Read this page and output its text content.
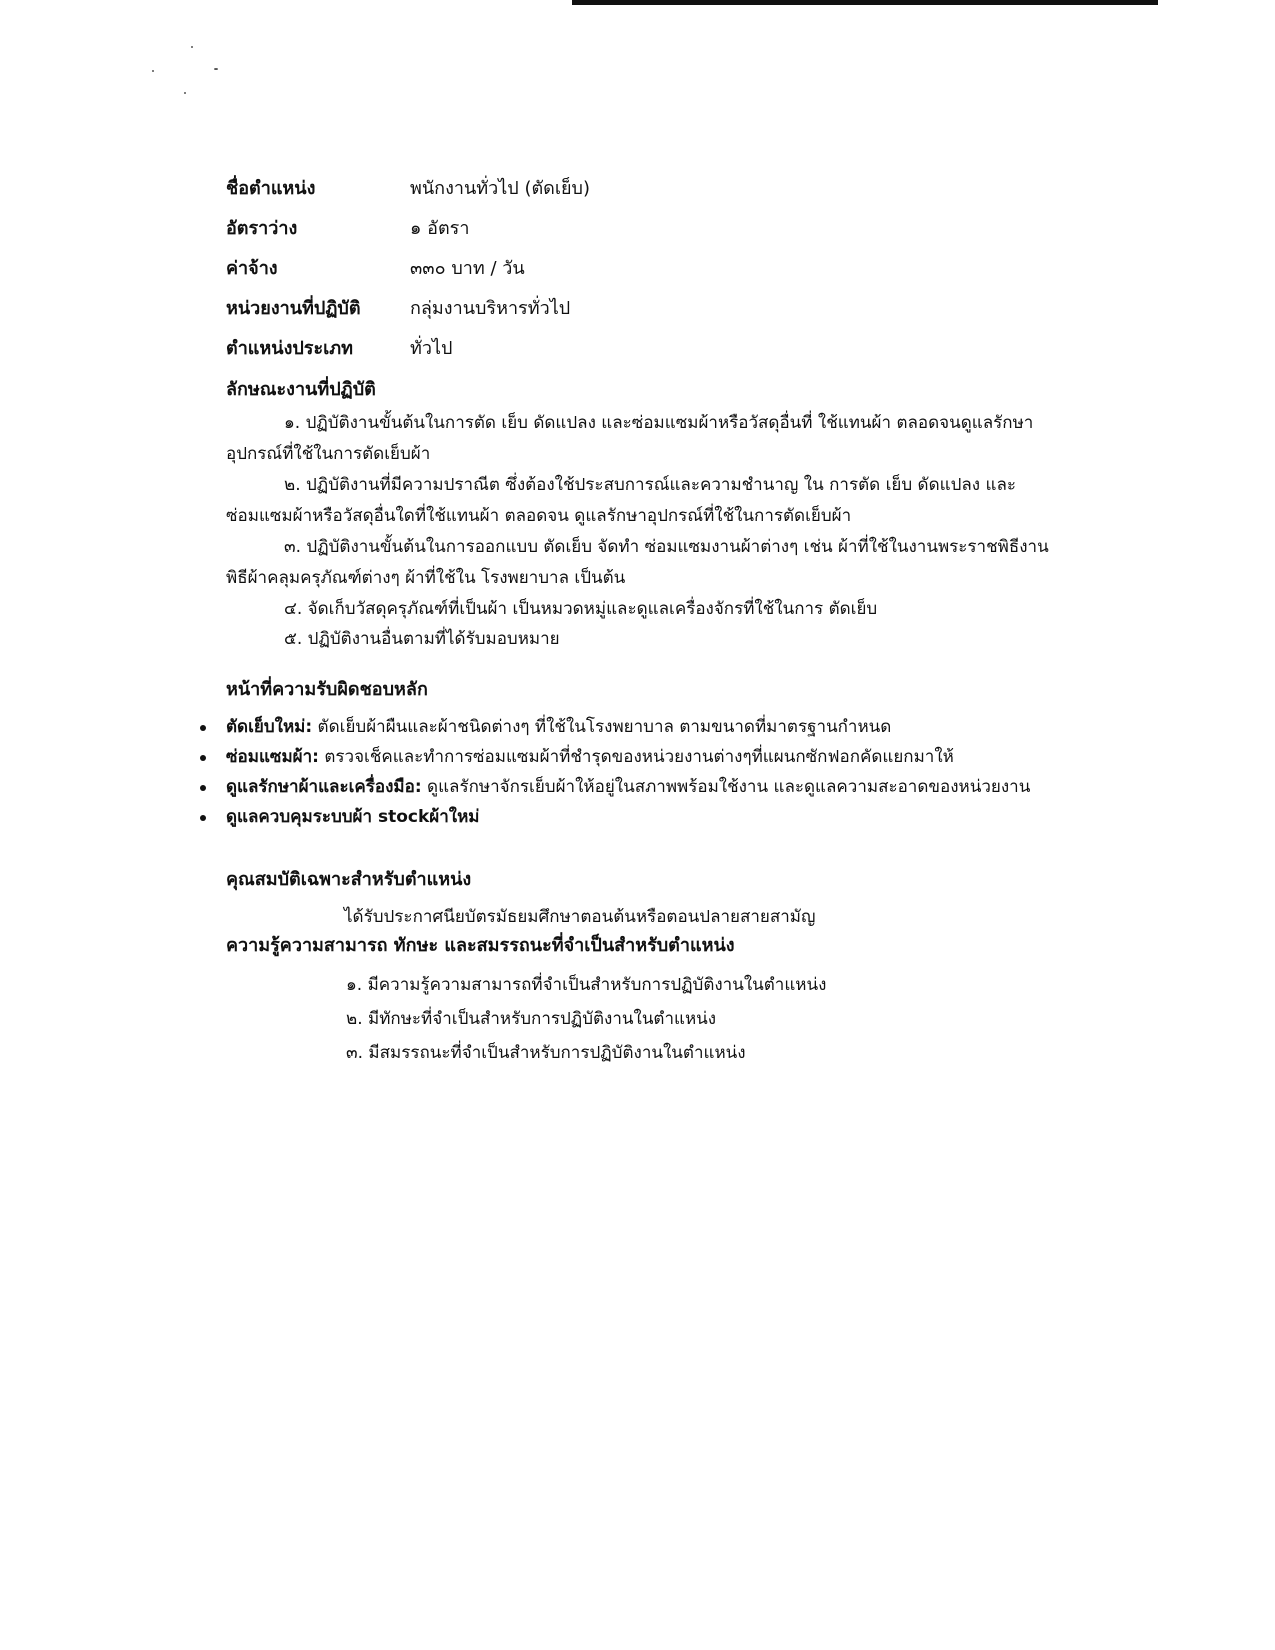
ชื่อตำแหน่ง	พนักงานทั่วไป (ตัดเย็บ)
อัตราว่าง	๑ อัตรา
ค่าจ้าง	๓๓๐ บาท / วัน
หน่วยงานที่ปฏิบัติ	กลุ่มงานบริหารทั่วไป
ตำแหน่งประเภท	ทั่วไป
ลักษณะงานที่ปฏิบัติ
๑. ปฏิบัติงานขั้นต้นในการตัด เย็บ ดัดแปลง และซ่อมแซมผ้าหรือวัสดุอื่นที่ ใช้แทนผ้า ตลอดจนดูแลรักษาอุปกรณ์ที่ใช้ในการตัดเย็บผ้า
๒. ปฏิบัติงานที่มีความปราณีต ซึ่งต้องใช้ประสบการณ์และความชำนาญ ใน การตัด เย็บ ดัดแปลง และซ่อมแซมผ้าหรือวัสดุอื่นใดที่ใช้แทนผ้า ตลอดจน ดูแลรักษาอุปกรณ์ที่ใช้ในการตัดเย็บผ้า
๓. ปฏิบัติงานขั้นต้นในการออกแบบ ตัดเย็บ จัดทำ ซ่อมแซมงานผ้าต่างๆ เช่น ผ้าที่ใช้ในงานพระราชพิธีงานพิธีผ้าคลุมครุภัณฑ์ต่างๆ ผ้าที่ใช้ใน โรงพยาบาล เป็นต้น
๔. จัดเก็บวัสดุครุภัณฑ์ที่เป็นผ้า เป็นหมวดหมู่และดูแลเครื่องจักรที่ใช้ในการ ตัดเย็บ
๕. ปฏิบัติงานอื่นตามที่ได้รับมอบหมาย
หน้าที่ความรับผิดชอบหลัก
ตัดเย็บใหม่: ตัดเย็บผ้าผืนและผ้าชนิดต่างๆ ที่ใช้ในโรงพยาบาล ตามขนาดที่มาตรฐานกำหนด
ซ่อมแซมผ้า: ตรวจเช็คและทำการซ่อมแซมผ้าที่ชำรุดของหน่วยงานต่างๆที่แผนกซักฟอกคัดแยกมาให้
ดูแลรักษาผ้าและเครื่องมือ: ดูแลรักษาจักรเย็บผ้าให้อยู่ในสภาพพร้อมใช้งาน และดูแลความสะอาดของหน่วยงาน
ดูแลควบคุมระบบผ้า stockผ้าใหม่
คุณสมบัติเฉพาะสำหรับตำแหน่ง
ได้รับประกาศนียบัตรมัธยมศึกษาตอนต้นหรือตอนปลายสายสามัญ
ความรู้ความสามารถ ทักษะ และสมรรถนะที่จำเป็นสำหรับตำแหน่ง
๑. มีความรู้ความสามารถที่จำเป็นสำหรับการปฏิบัติงานในตำแหน่ง
๒. มีทักษะที่จำเป็นสำหรับการปฏิบัติงานในตำแหน่ง
๓. มีสมรรถนะที่จำเป็นสำหรับการปฏิบัติงานในตำแหน่ง
